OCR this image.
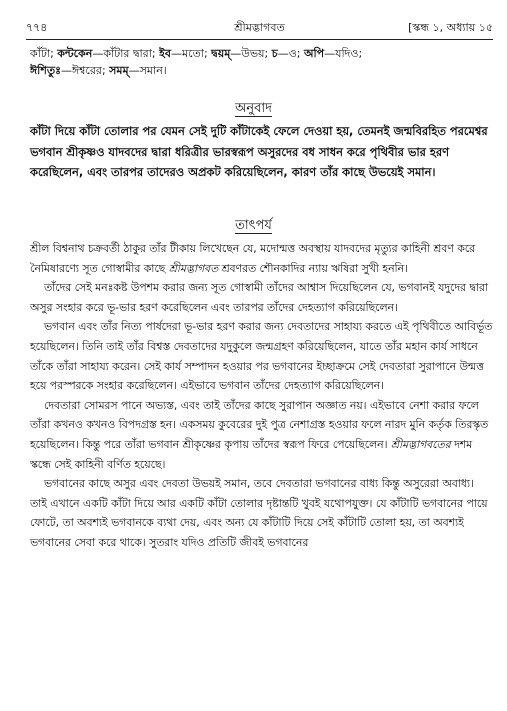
৭৭৪	শ্রীমদ্ভাগবত	[স্কন্ধ ১, অধ্যায় ১৫
কাঁটা; কন্টকেন—কাঁটার দ্বারা; ইব—মতো; দ্বয়ম্—উভয়; চ—ও; অপি—যদিও;
ঈশিতুঃ—ঈশ্বরের; সমম্—সমান।
অনুবাদ
কাঁটা দিয়ে কাঁটা তোলার পর যেমন সেই দুটি কাঁটাকেই ফেলে দেওয়া হয়, তেমনই জন্মবিরহিত পরমেশ্বর ভগবান শ্রীকৃষ্ণও যাদবদের দ্বারা ধরিত্রীর ভারস্বরূপ অসুরদের বধ সাধন করে পৃথিবীর ভার হরণ করেছিলেন, এবং তারপর তাদেরও অপ্রকট করিয়েছিলেন, কারণ তাঁর কাছে উভয়েই সমান।
তাৎপর্য

শ্রীল বিশ্বনাথ চক্রবর্তী ঠাকুর তাঁর টীকায় লিখেছেন যে, মদোন্মত্ত অবস্থায় যাদবদের মৃত্যুর কাহিনী শ্রবণ করে নৈমিষারণ্যে সূত গোস্বামীর কাছে শ্রীমদ্ভাগবত শ্রবণরত শৌনকাদির ন্যায় ঋষিরা সুখী হননি।

তাঁদের সেই মনঃকষ্ট উপশম করার জন্য সূত গোস্বামী তাঁদের আশ্বাস দিয়েছিলেন যে, ভগবানই যদুদের দ্বারা অসুর সংহার করে ভূ-ভার হরণ করেছিলেন এবং তারপর তাঁদের দেহত্যাগ করিয়েছিলেন।

ভগবান এবং তাঁর নিত্য পার্ষদেরা ভূ-ভার হরণ করার জন্য দেবতাদের সাহায্য করতে এই পৃথিবীতে আবির্ভূত হয়েছিলেন। তিনি তাই তাঁর বিশ্বস্ত দেবতাদের যদুকুলে জন্মগ্রহণ করিয়েছিলেন, যাতে তাঁর মহান কার্য সাধনে তাঁকে তাঁরা সাহায্য করেন। সেই কার্য সম্পাদন হওয়ার পর ভগবানের ইচ্ছাক্রমে সেই দেবতারা সুরাপানে উন্মত্ত হয়ে পরস্পরকে সংহার করেছিলেন। এইভাবে ভগবান তাঁদের দেহত্যাগ করিয়েছিলেন।

দেবতারা সোমরস পানে অভ্যস্ত, এবং তাই তাঁদের কাছে সুরাপান অজ্ঞাত নয়। এইভাবে নেশা করার ফলে তাঁরা কখনও কখনও বিপদগ্রস্ত হন। একসময় কুবেরের দুই পুত্র নেশাগ্রস্ত হওয়ার ফলে নারদ মুনি কর্তৃক তিরস্কৃত হয়েছিলেন। কিন্তু পরে তাঁরা ভগবান শ্রীকৃষ্ণের কৃপায় তাঁদের স্বরূপ ফিরে পেয়েছিলেন। শ্রীমদ্ভাগবতের দশম স্কন্ধে সেই কাহিনী বর্ণিত হয়েছে।

ভগবানের কাছে অসুর এবং দেবতা উভয়ই সমান, তবে দেবতারা ভগবানের বাধ্য কিন্তু অসুরেরা অবাধ্য। তাই এখানে একটি কাঁটা দিয়ে আর একটি কাঁটা তোলার দৃষ্টান্তটি খুবই যথোপযুক্ত। যে কাঁটাটি ভগবানের পায়ে ফোটে, তা অবশ্যই ভগবানকে ব্যথা দেয়, এবং অন্য যে কাঁটাটি দিয়ে সেই কাঁটাটি তোলা হয়, তা অবশ্যই ভগবানের সেবা করে থাকে। সুতরাং যদিও প্রতিটি জীবই ভগবানের
